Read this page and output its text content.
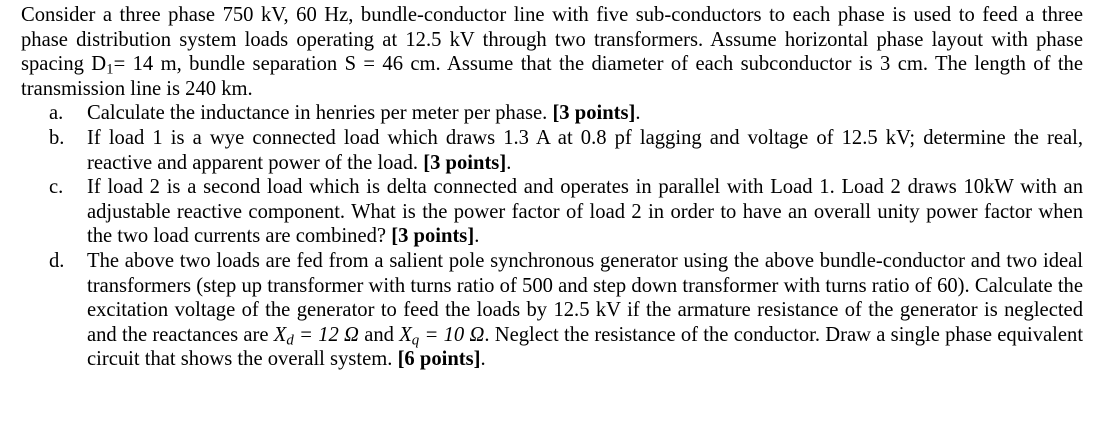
Consider a three phase 750 kV, 60 Hz, bundle-conductor line with five sub-conductors to each phase is used to feed a three phase distribution system loads operating at 12.5 kV through two transformers. Assume horizontal phase layout with phase spacing $D_1= 14$ m, bundle separation S = 46 cm. Assume that the diameter of each subconductor is 3 cm. The length of the transmission line is 240 km.

a. Calculate the inductance in henries per meter per phase. [3 points].
b. If load 1 is a wye connected load which draws 1.3 A at 0.8 pf lagging and voltage of 12.5 kV; determine the real, reactive and apparent power of the load. [3 points].
c. If load 2 is a second load which is delta connected and operates in parallel with Load 1. Load 2 draws 10kW with an adjustable reactive component. What is the power factor of load 2 in order to have an overall unity power factor when the two load currents are combined? [3 points].
d. The above two loads are fed from a salient pole synchronous generator using the above bundle-conductor and two ideal transformers (step up transformer with turns ratio of 500 and step down transformer with turns ratio of 60). Calculate the excitation voltage of the generator to feed the loads by 12.5 kV if the armature resistance of the generator is neglected and the reactances are $X_d = 12$ Ω and $X_q = 10$ Ω. Neglect the resistance of the conductor. Draw a single phase equivalent circuit that shows the overall system. [6 points].
